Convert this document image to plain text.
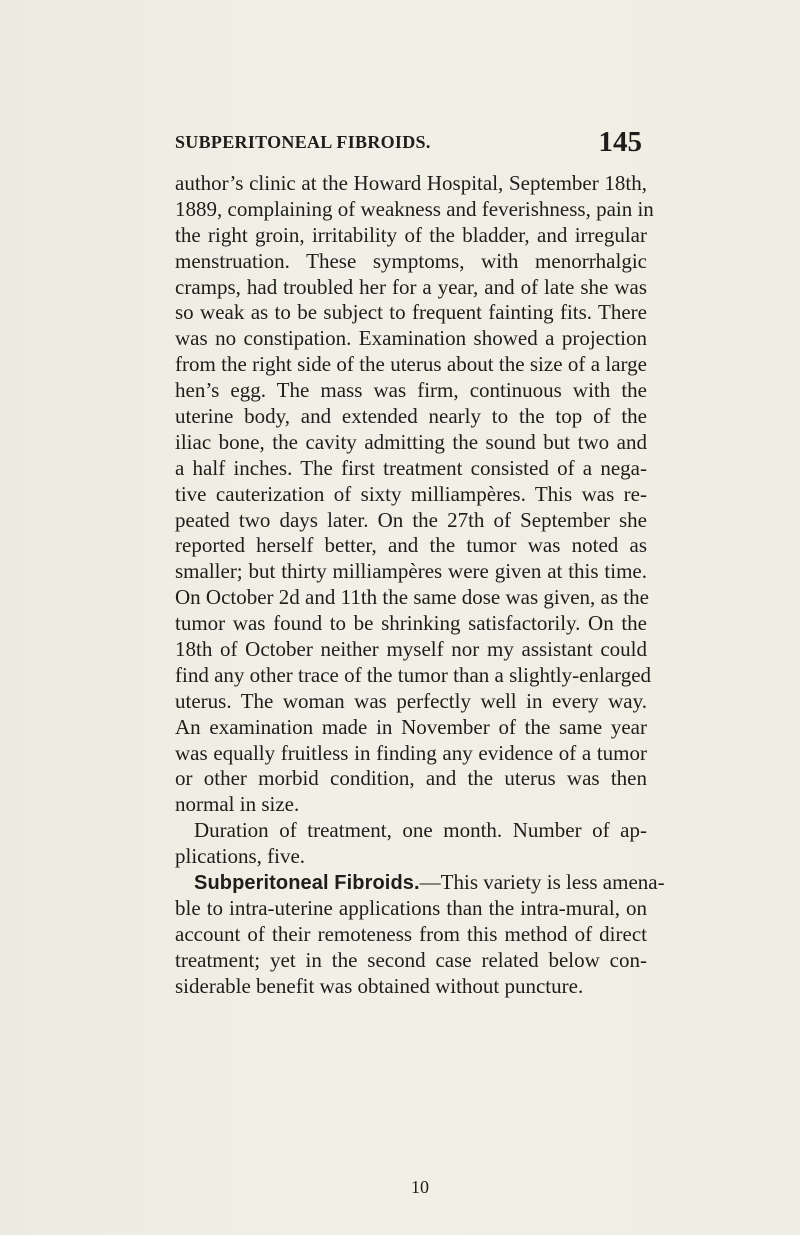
SUBPERITONEAL FIBROIDS.	145
author’s clinic at the Howard Hospital, September 18th,
1889, complaining of weakness and feverishness, pain in
the right groin, irritability of the bladder, and irregular
menstruation. These symptoms, with menorrhalgic
cramps, had troubled her for a year, and of late she was
so weak as to be subject to frequent fainting fits. There
was no constipation. Examination showed a projection
from the right side of the uterus about the size of a large
hen’s egg. The mass was firm, continuous with the
uterine body, and extended nearly to the top of the
iliac bone, the cavity admitting the sound but two and
a half inches. The first treatment consisted of a nega-
tive cauterization of sixty milliampères. This was re-
peated two days later. On the 27th of September she
reported herself better, and the tumor was noted as
smaller; but thirty milliampères were given at this time.
On October 2d and 11th the same dose was given, as the
tumor was found to be shrinking satisfactorily. On the
18th of October neither myself nor my assistant could
find any other trace of the tumor than a slightly-enlarged
uterus. The woman was perfectly well in every way.
An examination made in November of the same year
was equally fruitless in finding any evidence of a tumor
or other morbid condition, and the uterus was then
normal in size.
Duration of treatment, one month. Number of ap-
plications, five.
Subperitoneal Fibroids.—This variety is less amena-
ble to intra-uterine applications than the intra-mural, on
account of their remoteness from this method of direct
treatment; yet in the second case related below con-
siderable benefit was obtained without puncture.
10
